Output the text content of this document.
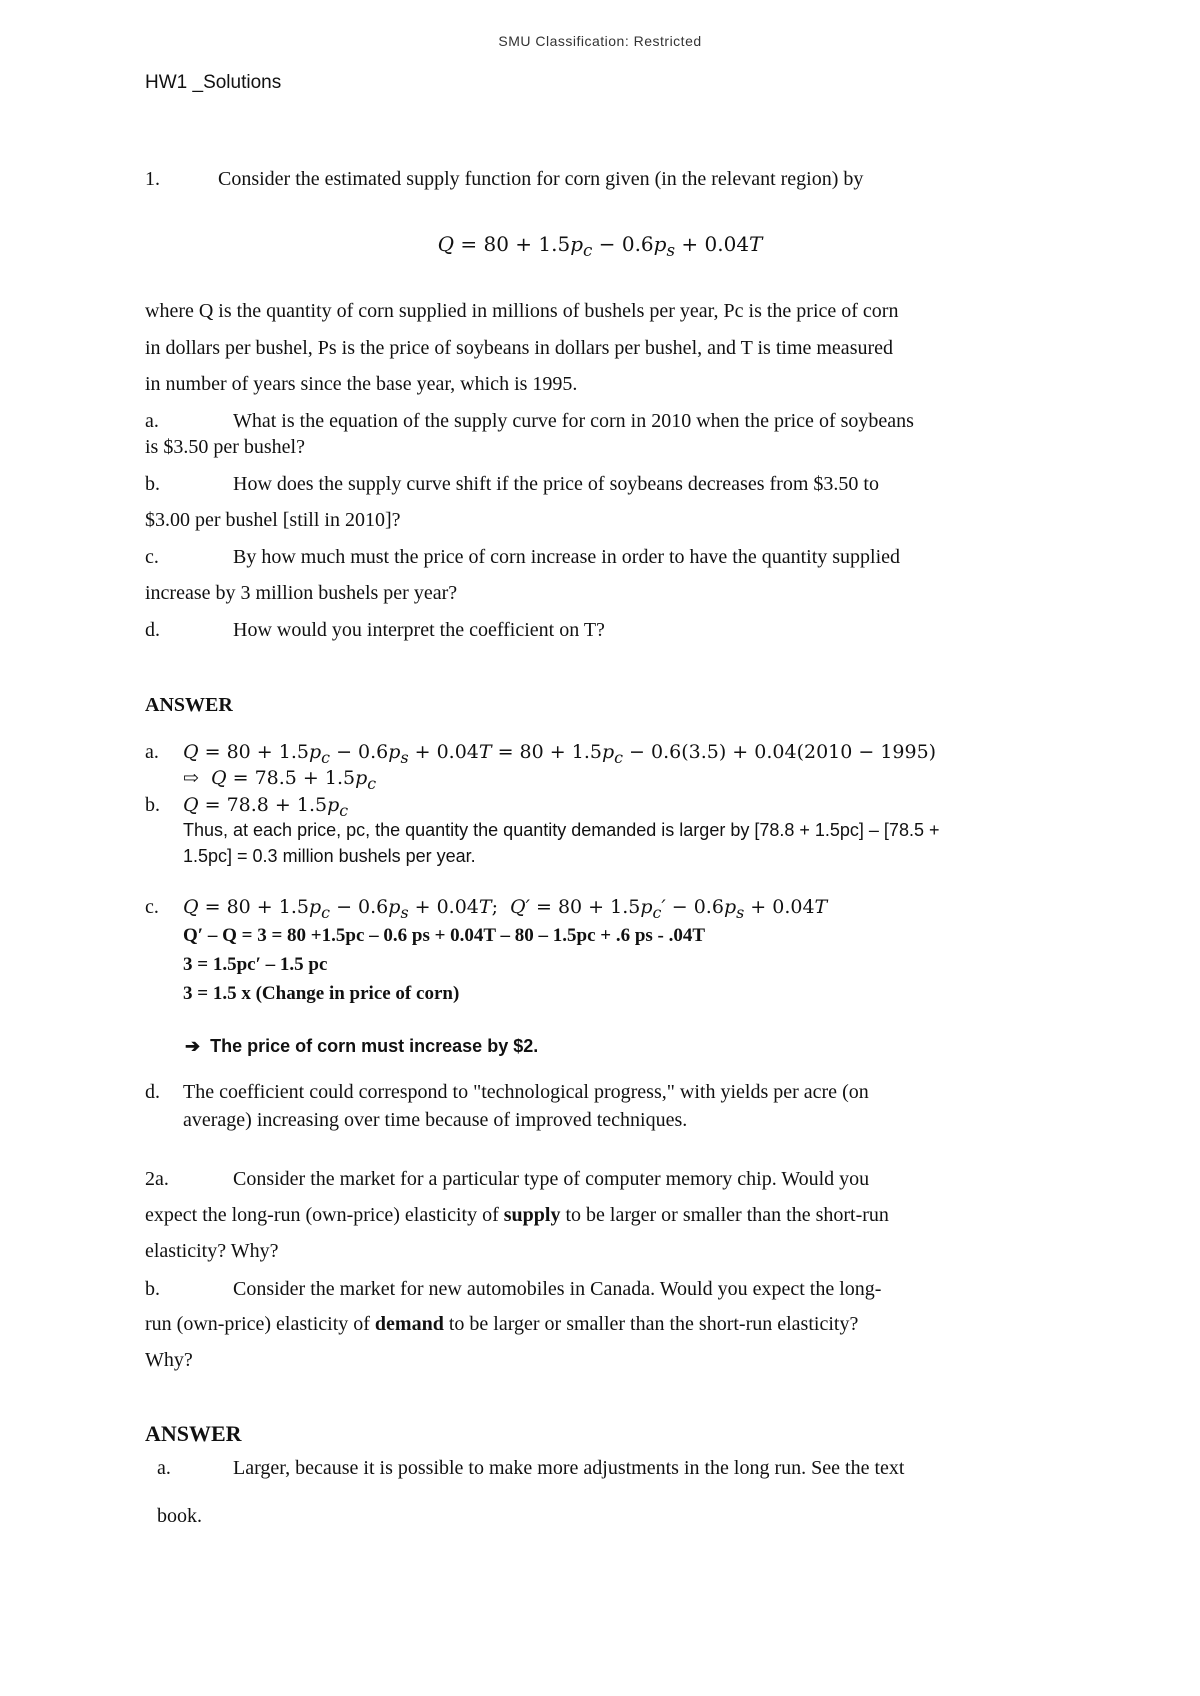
SMU Classification: Restricted
HW1 _Solutions
1.	Consider the estimated supply function for corn given (in the relevant region) by
$Q = 80 + 1.5p_c - 0.6p_s + 0.04T$
where Q is the quantity of corn supplied in millions of bushels per year, Pc is the price of corn
in dollars per bushel, Ps is the price of soybeans in dollars per bushel, and T is time measured
in number of years since the base year, which is 1995.
a.	What is the equation of the supply curve for corn in 2010 when the price of soybeans
is $3.50 per bushel?
b.	How does the supply curve shift if the price of soybeans decreases from $3.50 to
$3.00 per bushel [still in 2010]?
c.	By how much must the price of corn increase in order to have the quantity supplied
increase by 3 million bushels per year?
d.	How would you interpret the coefficient on T?
ANSWER
a. $Q = 80 + 1.5p_c - 0.6p_s + 0.04T = 80 + 1.5p_c - 0.6(3.5) + 0.04(2010 - 1995)$
⇨  $Q = 78.5 + 1.5p_c$
b. $Q = 78.8 + 1.5p_c$
Thus, at each price, pc, the quantity the quantity demanded is larger by [78.8 + 1.5pc] – [78.5 +
1.5pc] = 0.3 million bushels per year.
c. $Q = 80 + 1.5p_c - 0.6p_s + 0.04T$;  $Q' = 80 + 1.5p_c' - 0.6p_s + 0.04T$
Q′ – Q = 3 = 80 +1.5pc – 0.6 ps + 0.04T – 80 – 1.5pc + .6 ps - .04T
3 = 1.5pc′ – 1.5 pc
3 = 1.5 x (Change in price of corn)
➔ The price of corn must increase by $2.
d. The coefficient could correspond to "technological progress," with yields per acre (on
average) increasing over time because of improved techniques.
2a.	Consider the market for a particular type of computer memory chip. Would you
expect the long-run (own-price) elasticity of supply to be larger or smaller than the short-run
elasticity? Why?
b.	Consider the market for new automobiles in Canada. Would you expect the long-
run (own-price) elasticity of demand to be larger or smaller than the short-run elasticity?
Why?
ANSWER
a.	Larger, because it is possible to make more adjustments in the long run. See the text
book.
